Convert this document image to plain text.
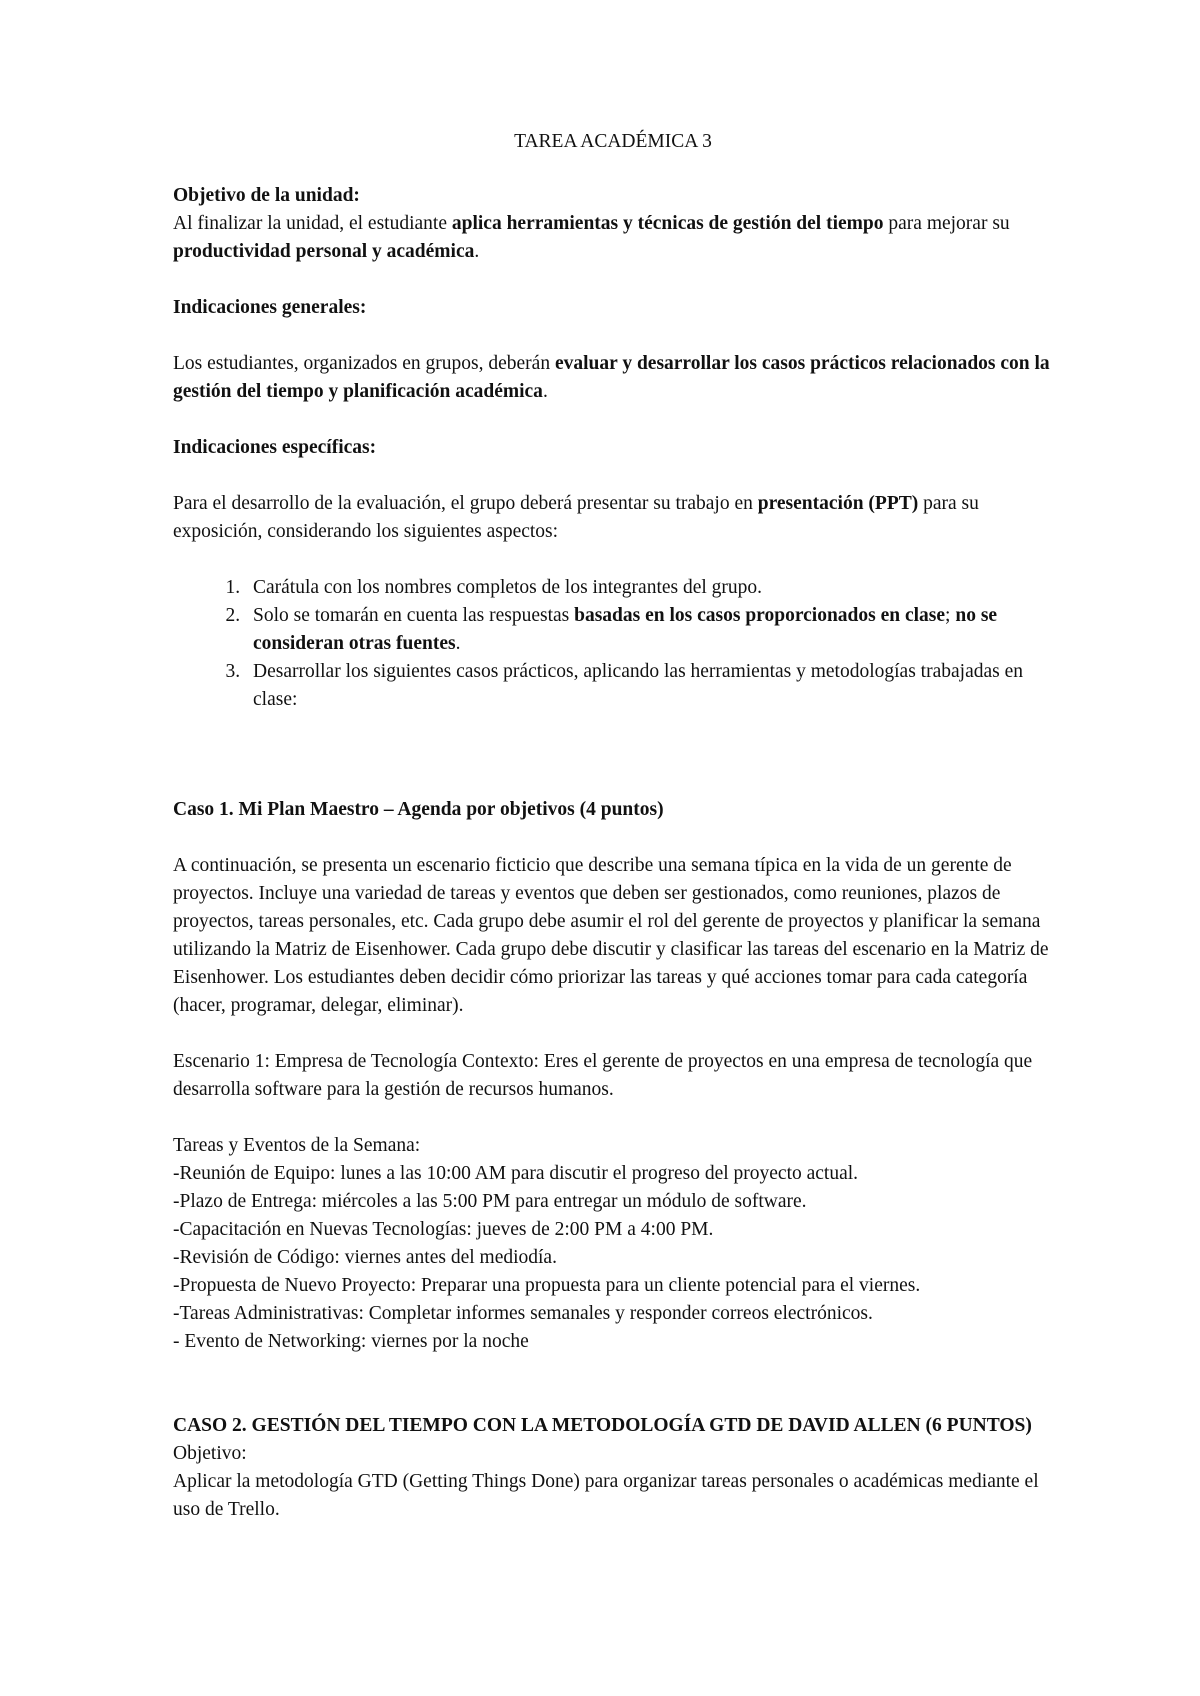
TAREA ACADÉMICA 3

Objetivo de la unidad:

Al finalizar la unidad, el estudiante aplica herramientas y técnicas de gestión del tiempo para mejorar su productividad personal y académica.

Indicaciones generales:

Los estudiantes, organizados en grupos, deberán evaluar y desarrollar los casos prácticos relacionados con la gestión del tiempo y planificación académica.

Indicaciones específicas:

Para el desarrollo de la evaluación, el grupo deberá presentar su trabajo en presentación (PPT) para su exposición, considerando los siguientes aspectos:

1. Carátula con los nombres completos de los integrantes del grupo.
2. Solo se tomarán en cuenta las respuestas basadas en los casos proporcionados en clase; no se consideran otras fuentes.
3. Desarrollar los siguientes casos prácticos, aplicando las herramientas y metodologías trabajadas en clase:

Caso 1. Mi Plan Maestro – Agenda por objetivos (4 puntos)

A continuación, se presenta un escenario ficticio que describe una semana típica en la vida de un gerente de proyectos. Incluye una variedad de tareas y eventos que deben ser gestionados, como reuniones, plazos de proyectos, tareas personales, etc. Cada grupo debe asumir el rol del gerente de proyectos y planificar la semana utilizando la Matriz de Eisenhower. Cada grupo debe discutir y clasificar las tareas del escenario en la Matriz de Eisenhower. Los estudiantes deben decidir cómo priorizar las tareas y qué acciones tomar para cada categoría (hacer, programar, delegar, eliminar).

Escenario 1: Empresa de Tecnología Contexto: Eres el gerente de proyectos en una empresa de tecnología que desarrolla software para la gestión de recursos humanos.

Tareas y Eventos de la Semana:

-Reunión de Equipo: lunes a las 10:00 AM para discutir el progreso del proyecto actual.

-Plazo de Entrega: miércoles a las 5:00 PM para entregar un módulo de software.

-Capacitación en Nuevas Tecnologías: jueves de 2:00 PM a 4:00 PM.

-Revisión de Código: viernes antes del mediodía.

-Propuesta de Nuevo Proyecto: Preparar una propuesta para un cliente potencial para el viernes.

-Tareas Administrativas: Completar informes semanales y responder correos electrónicos.

- Evento de Networking: viernes por la noche

CASO 2. GESTIÓN DEL TIEMPO CON LA METODOLOGÍA GTD DE DAVID ALLEN (6 PUNTOS)

Objetivo:

Aplicar la metodología GTD (Getting Things Done) para organizar tareas personales o académicas mediante el uso de Trello.
